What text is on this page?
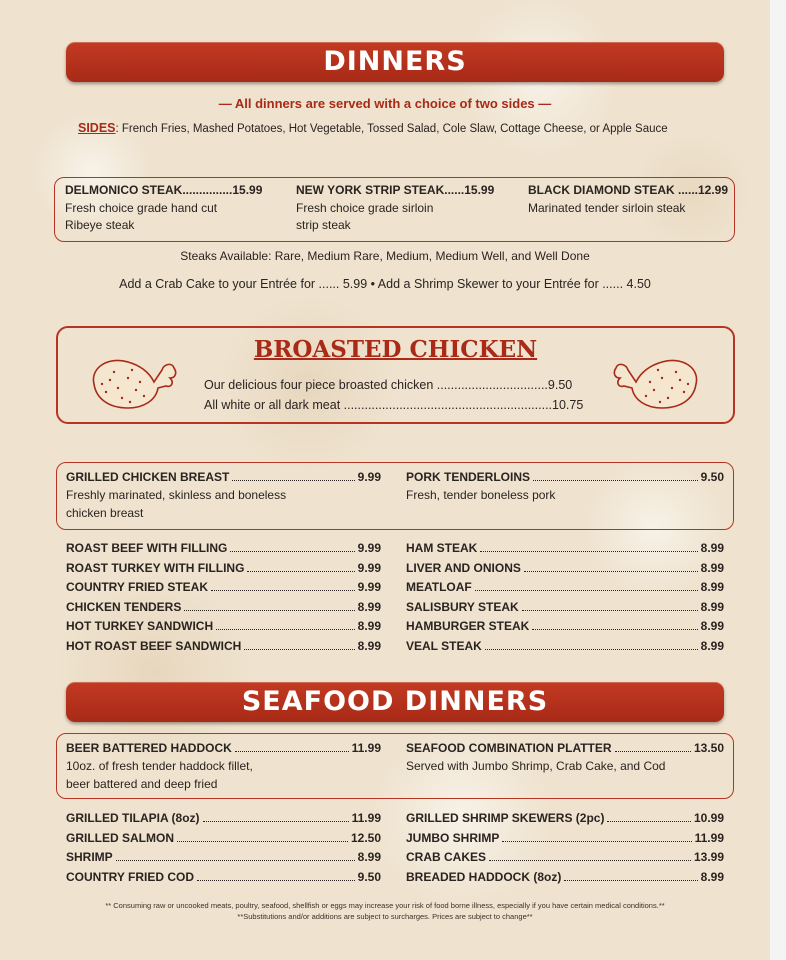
DINNERS
— All dinners are served with a choice of two sides —
SIDES: French Fries, Mashed Potatoes, Hot Vegetable, Tossed Salad, Cole Slaw, Cottage Cheese, or Apple Sauce
DELMONICO STEAK...............15.99
Fresh choice grade hand cut
Ribeye steak
NEW YORK STRIP STEAK......15.99
Fresh choice grade sirloin
strip steak
BLACK DIAMOND STEAK ......12.99
Marinated tender sirloin steak
Steaks Available: Rare, Medium Rare, Medium, Medium Well, and Well Done
Add a Crab Cake to your Entrée for ...... 5.99 • Add a Shrimp Skewer to your Entrée for ...... 4.50
BROASTED CHICKEN
Our delicious four piece broasted chicken ................................9.50
All white or all dark meat ............................................................10.75
GRILLED CHICKEN BREAST	9.99
Freshly marinated, skinless and boneless
chicken breast
PORK TENDERLOINS	9.50
Fresh, tender boneless pork
ROAST BEEF WITH FILLING	9.99
ROAST TURKEY WITH FILLING	9.99
COUNTRY FRIED STEAK	9.99
CHICKEN TENDERS	8.99
HOT TURKEY SANDWICH	8.99
HOT ROAST BEEF SANDWICH	8.99
HAM STEAK	8.99
LIVER AND ONIONS	8.99
MEATLOAF	8.99
SALISBURY STEAK	8.99
HAMBURGER STEAK	8.99
VEAL STEAK	8.99
SEAFOOD DINNERS
BEER BATTERED HADDOCK	11.99
10oz. of fresh tender haddock fillet,
beer battered and deep fried
SEAFOOD COMBINATION PLATTER	13.50
Served with Jumbo Shrimp, Crab Cake, and Cod
GRILLED TILAPIA (8oz)	11.99
GRILLED SALMON	12.50
SHRIMP	8.99
COUNTRY FRIED COD	9.50
GRILLED SHRIMP SKEWERS (2pc)	10.99
JUMBO SHRIMP	11.99
CRAB CAKES	13.99
BREADED HADDOCK (8oz)	8.99
** Consuming raw or uncooked meats, poultry, seafood, shellfish or eggs may increase your risk of food borne illness, especially if you have certain medical conditions.**
**Substitutions and/or additions are subject to surcharges. Prices are subject to change**
